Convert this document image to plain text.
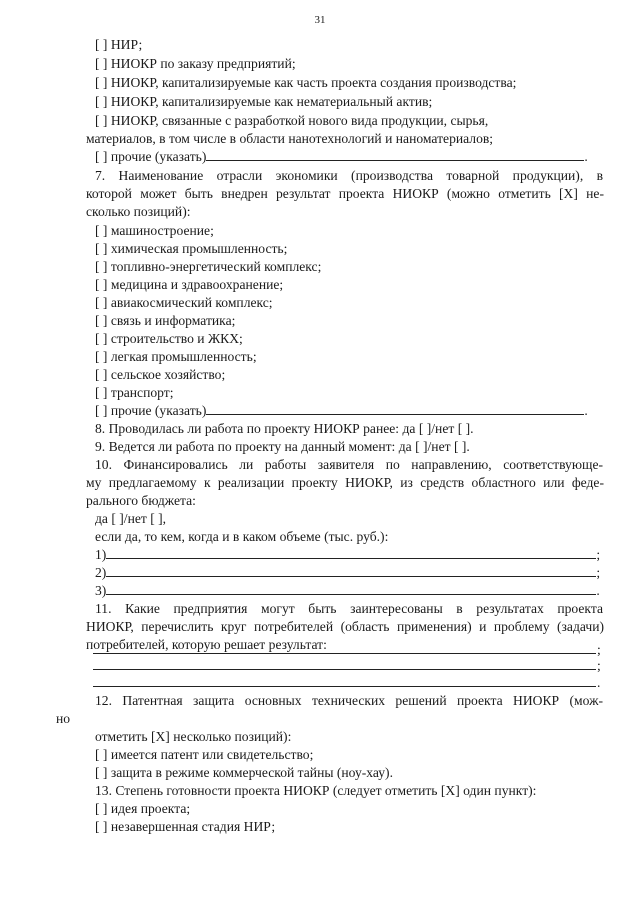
31
[ ] НИР;
[ ] НИОКР по заказу предприятий;
[ ] НИОКР, капитализируемые как часть проекта создания производства;
[ ] НИОКР, капитализируемые как нематериальный актив;
[ ] НИОКР, связанные с разработкой нового вида продукции, сырья,
материалов, в том числе в области нанотехнологий и наноматериалов;
[ ] прочие (указать)	.
7. Наименование отрасли экономики (производства товарной продукции), в
которой может быть внедрен результат проекта НИОКР (можно отметить [X] не-
сколько позиций):
[ ] машиностроение;
[ ] химическая промышленность;
[ ] топливно-энергетический комплекс;
[ ] медицина и здравоохранение;
[ ] авиакосмический комплекс;
[ ] связь и информатика;
[ ] строительство и ЖКХ;
[ ] легкая промышленность;
[ ] сельское хозяйство;
[ ] транспорт;
[ ] прочие (указать)	.
8. Проводилась ли работа по проекту НИОКР ранее: да [ ]/нет [ ].
9. Ведется ли работа по проекту на данный момент: да [ ]/нет [ ].
10. Финансировались ли работы заявителя по направлению, соответствующе-
му предлагаемому к реализации проекту НИОКР, из средств областного или феде-
рального бюджета:
да [ ]/нет [ ],
если да, то кем, когда и в каком объеме (тыс. руб.):
1)	;
2)	;
3)	.
11. Какие предприятия могут быть заинтересованы в результатах проекта
НИОКР, перечислить круг потребителей (область применения) и проблему (задачи)
потребителей, которую решает результат:	;
;
.
12. Патентная защита основных технических решений проекта НИОКР (мож-
но
отметить [X] несколько позиций):
[ ] имеется патент или свидетельство;
[ ] защита в режиме коммерческой тайны (ноу-хау).
13. Степень готовности проекта НИОКР (следует отметить [X] один пункт):
[ ] идея проекта;
[ ] незавершенная стадия НИР;
